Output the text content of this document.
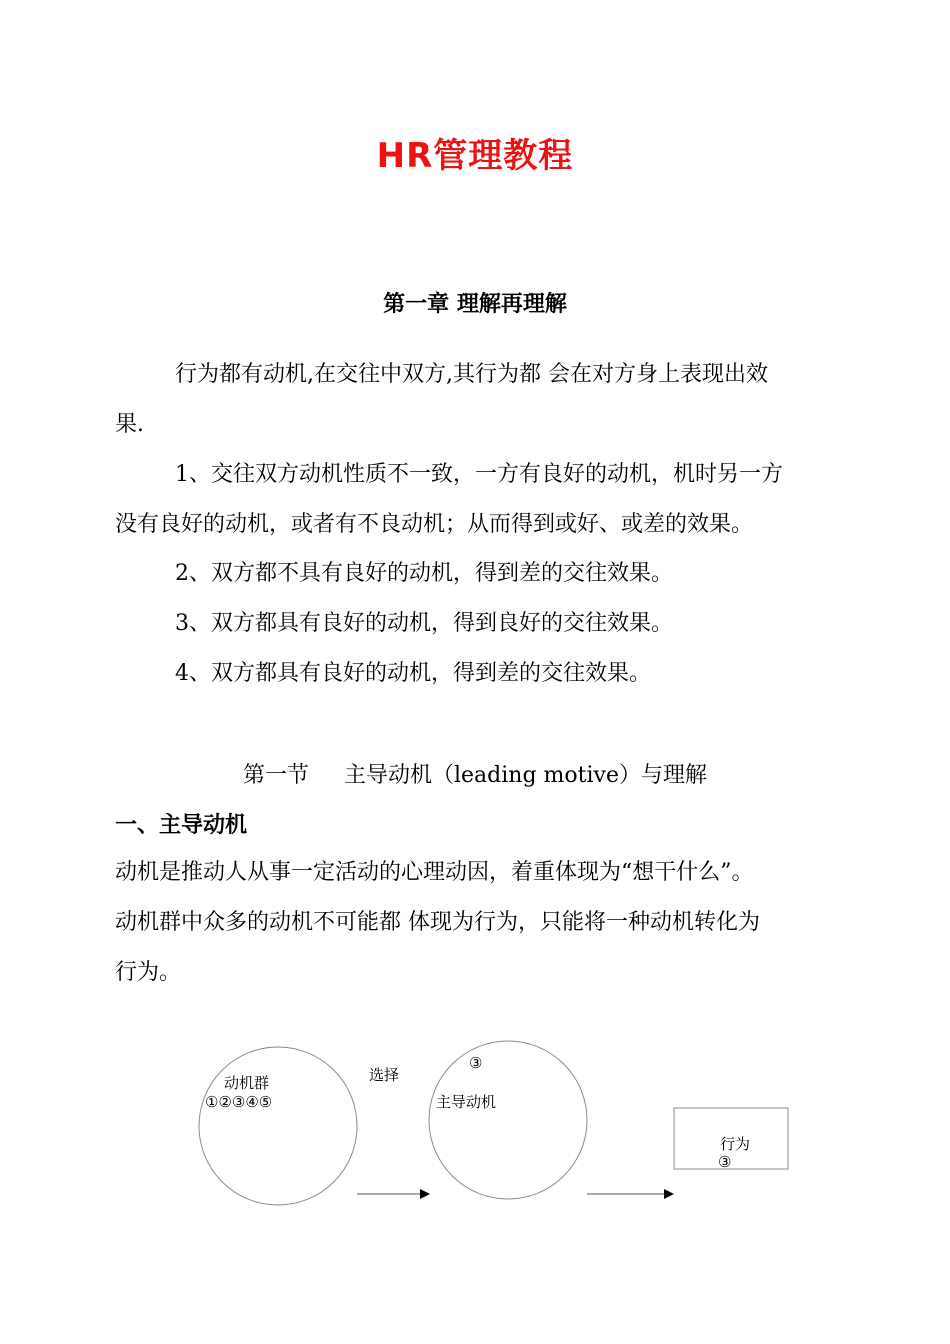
HR管理教程
第一章 理解再理解
行为都有动机,在交往中双方,其行为都 会在对方身上表现出效
果.
1、交往双方动机性质不一致，一方有良好的动机，机时另一方
没有良好的动机，或者有不良动机；从而得到或好、或差的效果。
2、双方都不具有良好的动机，得到差的交往效果。
3、双方都具有良好的动机，得到良好的交往效果。
4、双方都具有良好的动机，得到差的交往效果。
第一节     主导动机（leading motive）与理解
一、主导动机
动机是推动人从事一定活动的心理动因，着重体现为“想干什么”。
动机群中众多的动机不可能都 体现为行为，只能将一种动机转化为
行为。
动机群
①②③④⑤
选择
③
主导动机
行为
③
